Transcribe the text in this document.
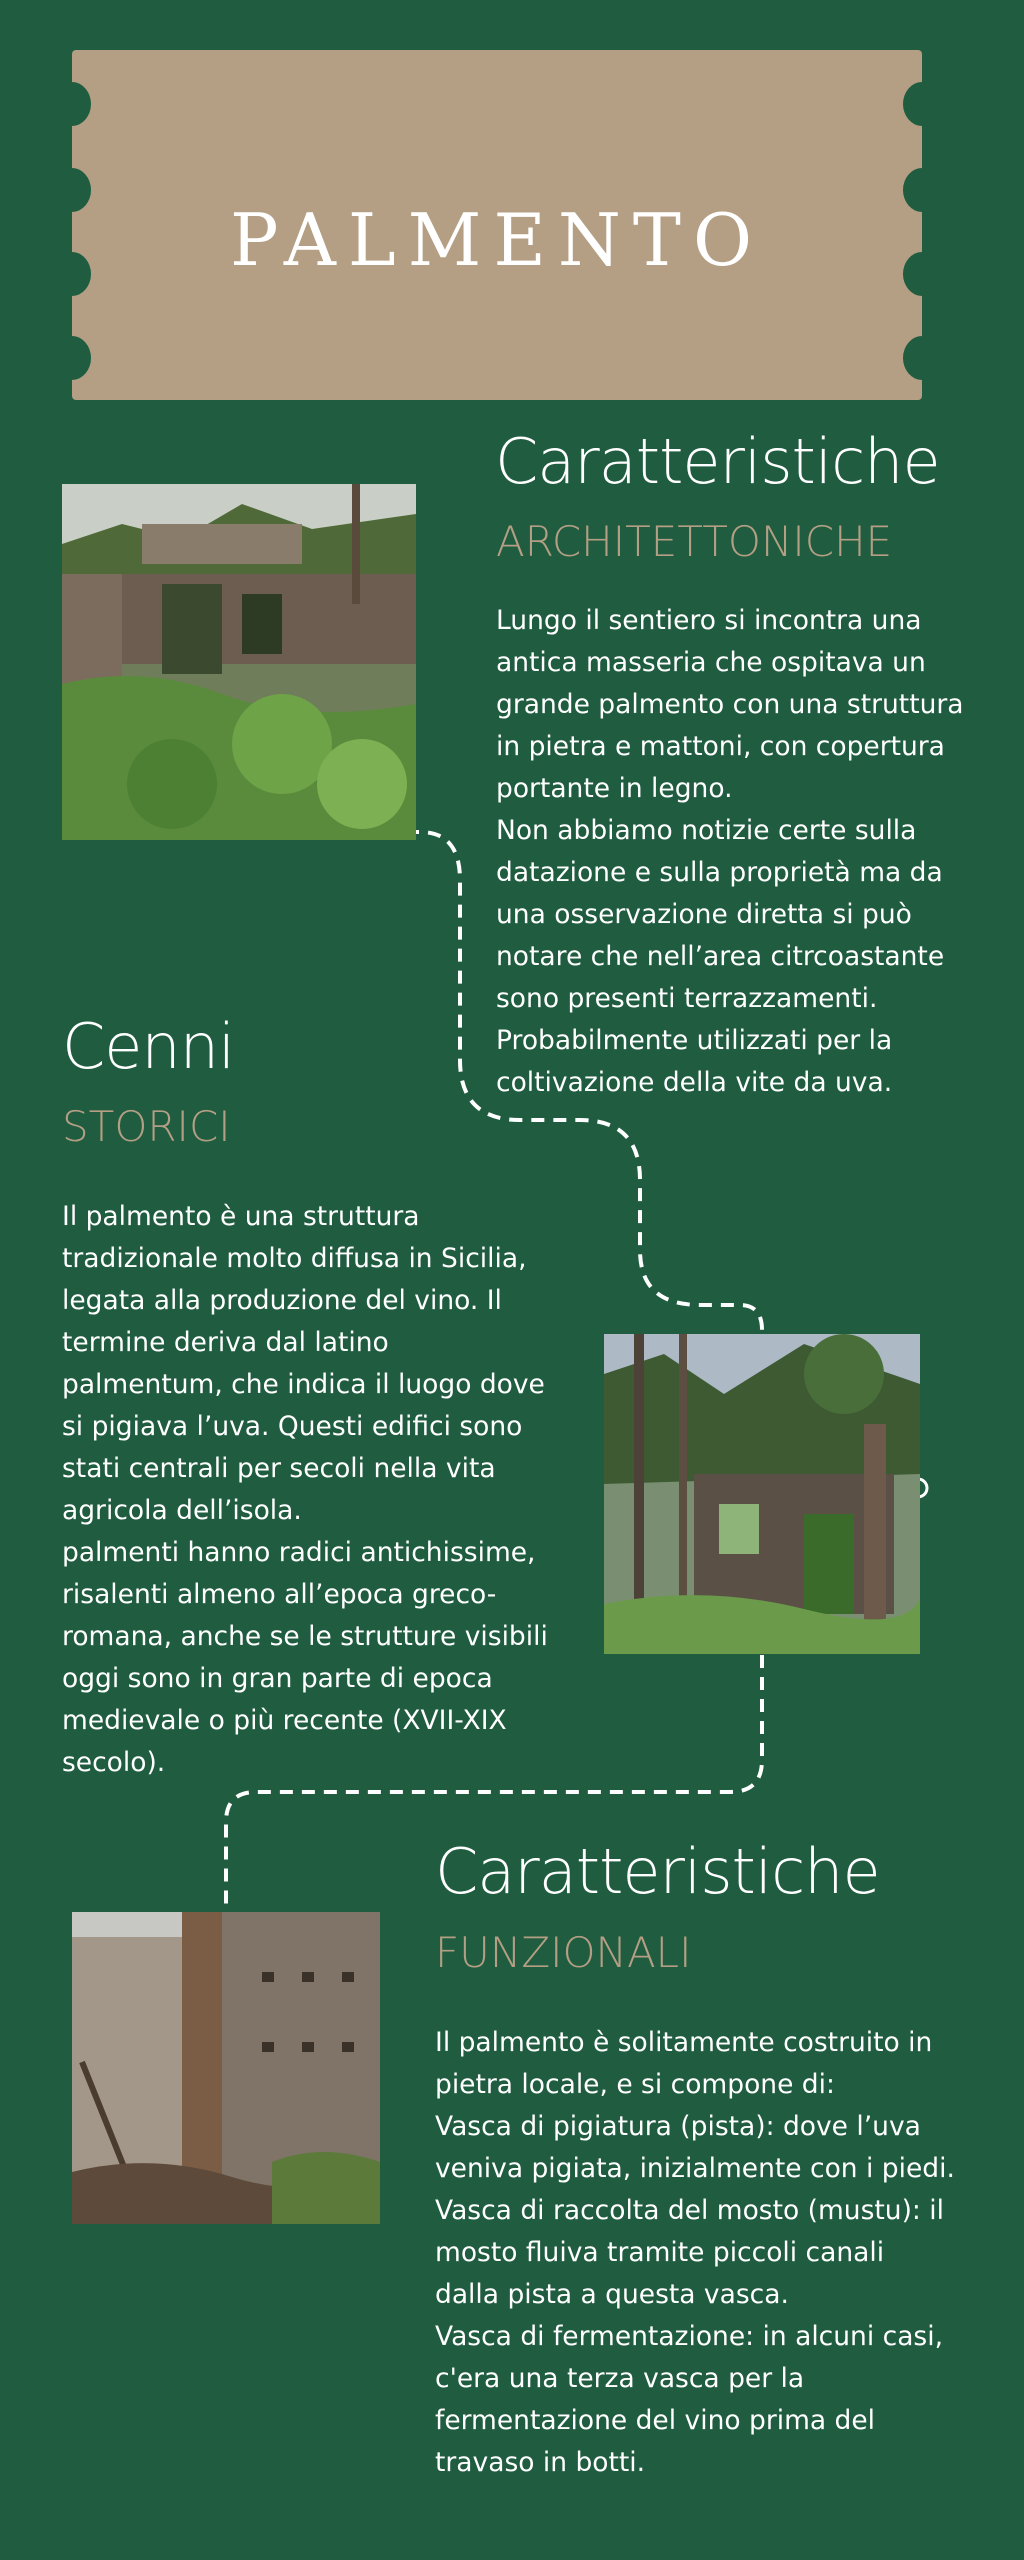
PALMENTO
Caratteristiche
ARCHITETTONICHE

Lungo il sentiero si incontra una
antica masseria che ospitava un
grande palmento con una struttura
in pietra e mattoni, con copertura
portante in legno.
Non abbiamo notizie certe sulla
datazione e sulla proprietà ma da
una osservazione diretta si può
notare che nell’area citrcoastante
sono presenti terrazzamenti.
Probabilmente utilizzati per la
coltivazione della vite da uva.

Cenni
STORICI

Il palmento è una struttura
tradizionale molto diffusa in Sicilia,
legata alla produzione del vino. Il
termine deriva dal latino
palmentum, che indica il luogo dove
si pigiava l’uva. Questi edifici sono
stati centrali per secoli nella vita
agricola dell’isola.
palmenti hanno radici antichissime,
risalenti almeno all’epoca greco-
romana, anche se le strutture visibili
oggi sono in gran parte di epoca
medievale o più recente (XVII-XIX
secolo).

Caratteristiche
FUNZIONALI

Il palmento è solitamente costruito in
pietra locale, e si compone di:
Vasca di pigiatura (pista): dove l’uva
veniva pigiata, inizialmente con i piedi.
Vasca di raccolta del mosto (mustu): il
mosto fluiva tramite piccoli canali
dalla pista a questa vasca.
Vasca di fermentazione: in alcuni casi,
c'era una terza vasca per la
fermentazione del vino prima del
travaso in botti.
